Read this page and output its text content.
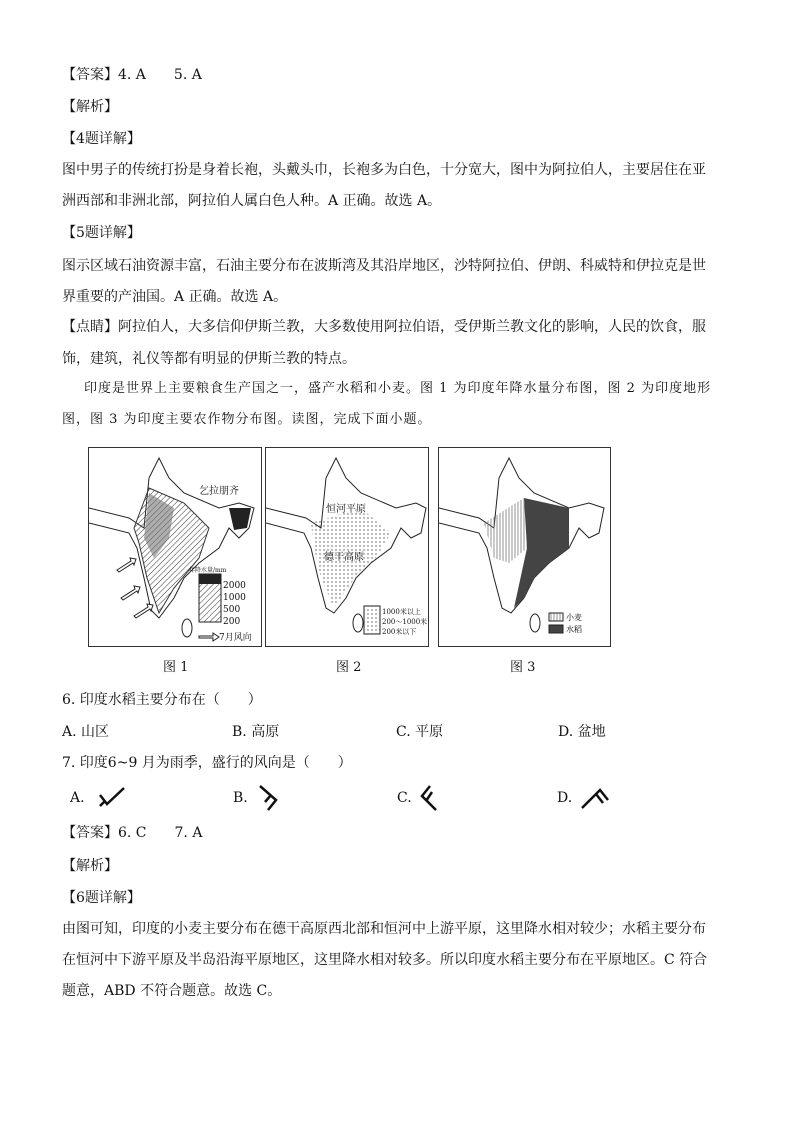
【答案】4. A　　5. A
【解析】
【4题详解】
图中男子的传统打扮是身着长袍，头戴头巾，长袍多为白色，十分宽大，图中为阿拉伯人，主要居住在亚
洲西部和非洲北部，阿拉伯人属白色人种。A 正确。故选 A。
【5题详解】
图示区域石油资源丰富，石油主要分布在波斯湾及其沿岸地区，沙特阿拉伯、伊朗、科威特和伊拉克是世
界重要的产油国。A 正确。故选 A。
【点睛】阿拉伯人，大多信仰伊斯兰教，大多数使用阿拉伯语，受伊斯兰教文化的影响，人民的饮食，服
饰，建筑，礼仪等都有明显的伊斯兰教的特点。
印度是世界上主要粮食生产国之一，盛产水稻和小麦。图 1 为印度年降水量分布图，图 2 为印度地形
图，图 3 为印度主要农作物分布图。读图，完成下面小题。
年降水量/mm
2000
1000
500
200
7月风向
乞拉朋齐
图 1
恒河平原
德干高原
1000米以上
200～1000米
200米以下
图 2
小麦
水稻
图 3
6. 印度水稻主要分布在（　　）
A. 山区	B. 高原	C. 平原	D. 盆地
7. 印度6~9 月为雨季，盛行的风向是（　　）
A.	B.	C.	D.
【答案】6. C　　7. A
【解析】
【6题详解】
由图可知，印度的小麦主要分布在德干高原西北部和恒河中上游平原，这里降水相对较少；水稻主要分布
在恒河中下游平原及半岛沿海平原地区，这里降水相对较多。所以印度水稻主要分布在平原地区。C 符合
题意，ABD 不符合题意。故选 C。
